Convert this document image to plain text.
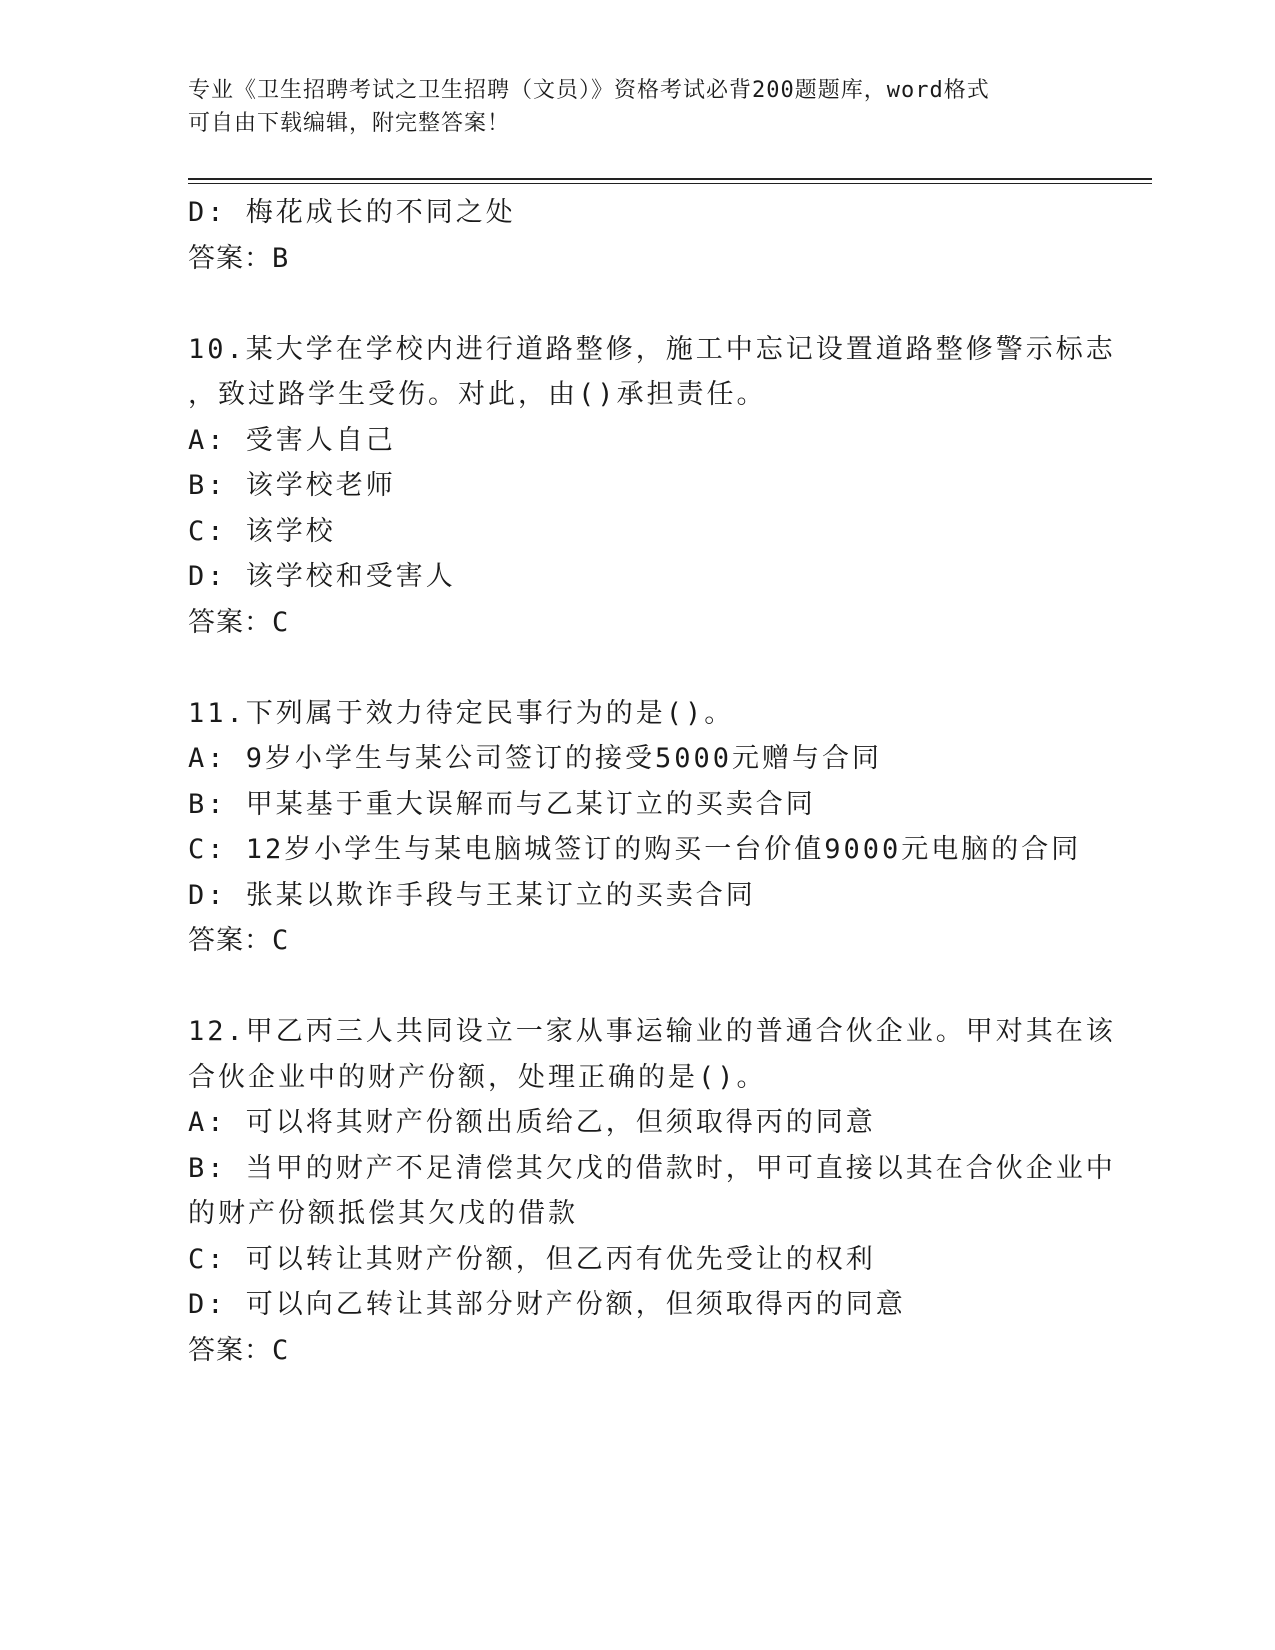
专业《卫生招聘考试之卫生招聘（文员）》资格考试必背200题题库，word格式
可自由下载编辑，附完整答案！
D: 梅花成长的不同之处
答案：B
10.某大学在学校内进行道路整修，施工中忘记设置道路整修警示标志
，致过路学生受伤。对此，由()承担责任。
A: 受害人自己
B: 该学校老师
C: 该学校
D: 该学校和受害人
答案：C
11.下列属于效力待定民事行为的是()。
A: 9岁小学生与某公司签订的接受5000元赠与合同
B: 甲某基于重大误解而与乙某订立的买卖合同
C: 12岁小学生与某电脑城签订的购买一台价值9000元电脑的合同
D: 张某以欺诈手段与王某订立的买卖合同
答案：C
12.甲乙丙三人共同设立一家从事运输业的普通合伙企业。甲对其在该
合伙企业中的财产份额，处理正确的是()。
A: 可以将其财产份额出质给乙，但须取得丙的同意
B: 当甲的财产不足清偿其欠戊的借款时，甲可直接以其在合伙企业中
的财产份额抵偿其欠戊的借款
C: 可以转让其财产份额，但乙丙有优先受让的权利
D: 可以向乙转让其部分财产份额，但须取得丙的同意
答案：C
